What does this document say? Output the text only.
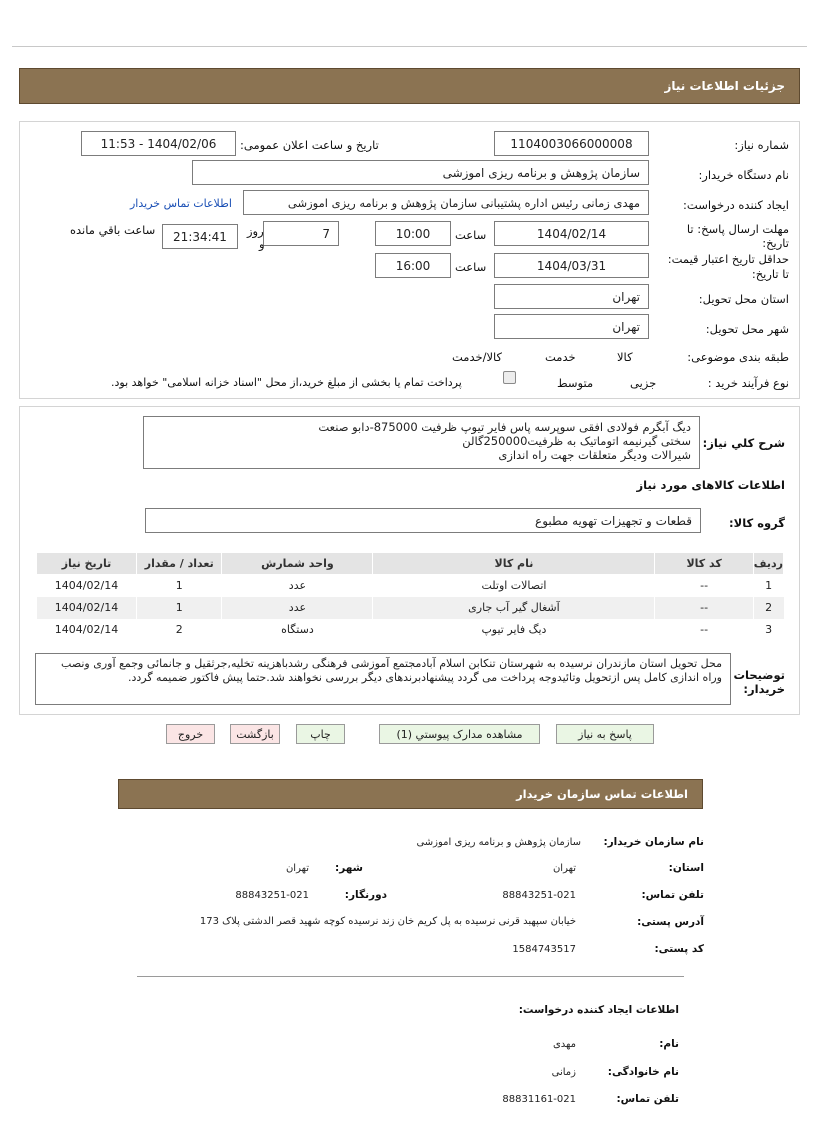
جزئیات اطلاعات نیاز
شماره نیاز:
1104003066000008
تاریخ و ساعت اعلان عمومی:
1404/02/06 - 11:53
نام دستگاه خریدار:
سازمان پژوهش و برنامه ریزی اموزشی
ایجاد کننده درخواست:
مهدی زمانی رئیس اداره پشتیبانی سازمان پژوهش و برنامه ریزی اموزشی
اطلاعات تماس خریدار
مهلت ارسال پاسخ: تا
تاریخ:
1404/02/14
ساعت
10:00
7
روز
و
21:34:41
ساعت باقي مانده
حداقل تاریخ اعتبار قیمت:
تا تاریخ:
1404/03/31
ساعت
16:00
استان محل تحویل:
تهران
شهر محل تحویل:
تهران
طبقه بندی موضوعی:

کالا

خدمت

کالا/خدمت
نوع فرآیند خرید :

جزیی
متوسط
پرداخت تمام یا بخشی از مبلغ خرید،از محل "اسناد خزانه اسلامی" خواهد بود.
شرح کلي نياز:
دیگ آبگرم فولادی افقی سوپرسه پاس فایر تیوپ ظرفیت 875000-دابو صنعت
سختی گیرنیمه اتوماتیک به ظرفیت250000گالن
شیرالات ودیگر متعلقات جهت راه اندازی
اطلاعات کالاهای مورد نیاز
گروه کالا:
قطعات و تجهیزات تهویه مطبوع
ردیف	کد کالا	نام کالا	واحد شمارش	تعداد / مقدار	تاریخ نیاز
1	--	اتصالات اوتلت	عدد	1	1404/02/14
2	--	آشغال گیر آب جاری	عدد	1	1404/02/14
3	--	دیگ فایر تیوپ	دستگاه	2	1404/02/14
توضیحات
خریدار:
محل تحویل استان مازندران نرسیده به شهرستان تنکابن اسلام آبادمجتمع آموزشی فرهنگی رشدباهزینه تخلیه,جرثقیل و جانمائی وجمع آوری ونصب وراه اندازی کامل پس ازتحویل وتائیدوجه پرداخت می گردد پیشنهادبرندهای دیگر بررسی نخواهند شد.حتما پیش فاکتور ضمیمه گردد.
پاسخ به نیاز
مشاهده مدارک پیوستي (1)
چاپ
بازگشت
خروج
اطلاعات تماس سازمان خریدار
نام سازمان خریدار:
سازمان پژوهش و برنامه ریزی اموزشی
استان:
تهران
شهر:
تهران
تلفن تماس:
88843251-021
دورنگار:
88843251-021
آدرس پستی:
خیابان سپهبد قرنی نرسیده به پل کریم خان زند نرسیده کوچه شهید قصر الدشتی پلاک 173
کد پستی:
1584743517
اطلاعات ایجاد کننده درخواست:
نام:
مهدی
نام خانوادگی:
زمانی
تلفن تماس:
88831161-021
